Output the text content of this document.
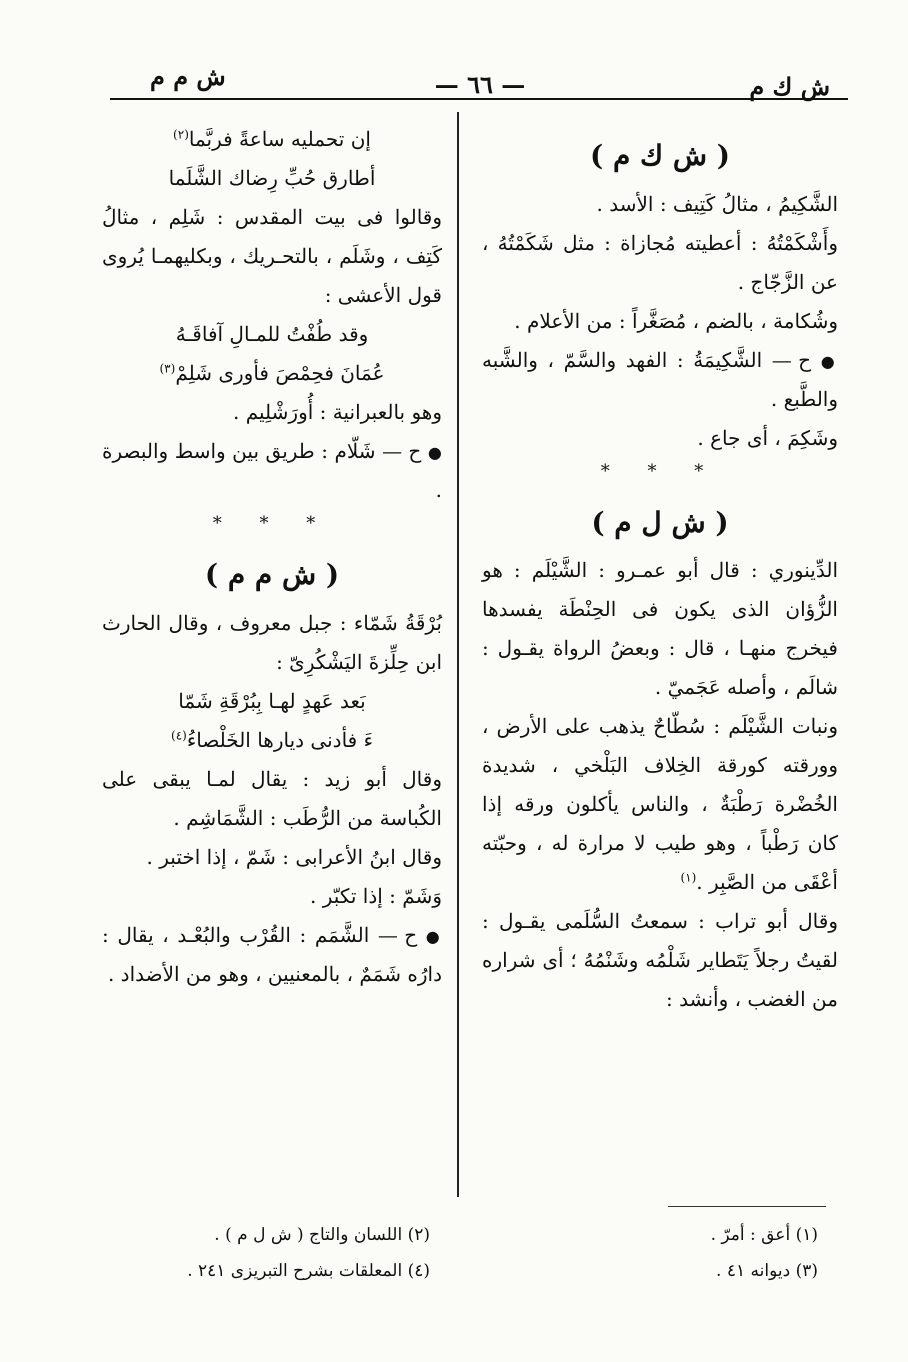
ش ك م
— ٦٦ —
ش م م
( ش ك م )

الشَّكِيمُ ، مثالُ كَتِيف : الأسد .

وأَشْكَمْتُهُ : أعطيته مُجازاة : مثل شَكَمْتُهُ ، عن الزَّجّاج .

وشُكامة ، بالضم ، مُصَغَّراً : من الأعلام .

● ح — الشَّكِيمَةُ : الفهد والسَّمّ ، والشَّبه والطَّبع .

وشَكِمَ ، أى جاع .

* * *
( ش ل م )

الدِّينوري : قال أبو عمـرو : الشَّيْلَم : هو الزُّؤان الذى يكون فى الحِنْطَة يفسدها فيخرج منهـا ، قال : وبعضُ الرواة يقـول : شالَم ، وأصله عَجَميّ .

ونبات الشَّيْلَم : سُطّاحٌ يذهب على الأرض ، وورقته كورقة الخِلاف البَلْخي ، شديدة الخُضْرة رَطْبَةٌ ، والناس يأكلون ورقه إذا كان رَطْباً ، وهو طيب لا مرارة له ، وحبّته أعْقَى من الصَّبِر .$^{(١)}$

وقال أبو تراب : سمعتُ السُّلَمى يقـول : لقيتُ رجلاً يَتَطاير شَلْمُه وشَنْمُهُ ؛ أى شراره من الغضب ، وأنشد :

إن تحمليه ساعةً فربَّما$^{(٢)}$

أطارق حُبِّ رِضاك الشَّلَما

وقالوا فى بيت المقدس : شَلِم ، مثالُ كَتِف ، وشَلَم ، بالتحـريك ، وبكليهمـا يُروى قول الأعشى :

وقد طُفْتُ للمـالِ آفاقَـهُ

عُمَانَ فحِمْصَ فأورى شَلِمْ$^{(٣)}$

وهو بالعبرانية : أُورَشْلِيم .

● ح — شَلّام : طريق بين واسط والبصرة .

* * *
( ش م م )

بُرْقَةُ شَمّاء : جبل معروف ، وقال الحارث ابن حِلِّزةَ اليَشْكُرِىّ :

بَعد عَهدٍ لهـا بِبُرْقَةِ شَمّا

ءَ فأدنى ديارها الخَلْصاءُ$^{(٤)}$

وقال أبو زيد : يقال لمـا يبقى على الكُباسة من الرُّطَب : الشَّمَاشِم .

وقال ابنُ الأعرابى : شَمّ ، إذا اختبر .

وَشَمّ : إذا تكبّر .

● ح — الشَّمَم : القُرْب والبُعْـد ، يقال : دارُه شَمَمٌ ، بالمعنيين ، وهو من الأضداد .

(١) أعق : أمرّ .
(٣) ديوانه ٤١ .
(٢) اللسان والتاج ( ش ل م ) .
(٤) المعلقات بشرح التبريزى ٢٤١ .
